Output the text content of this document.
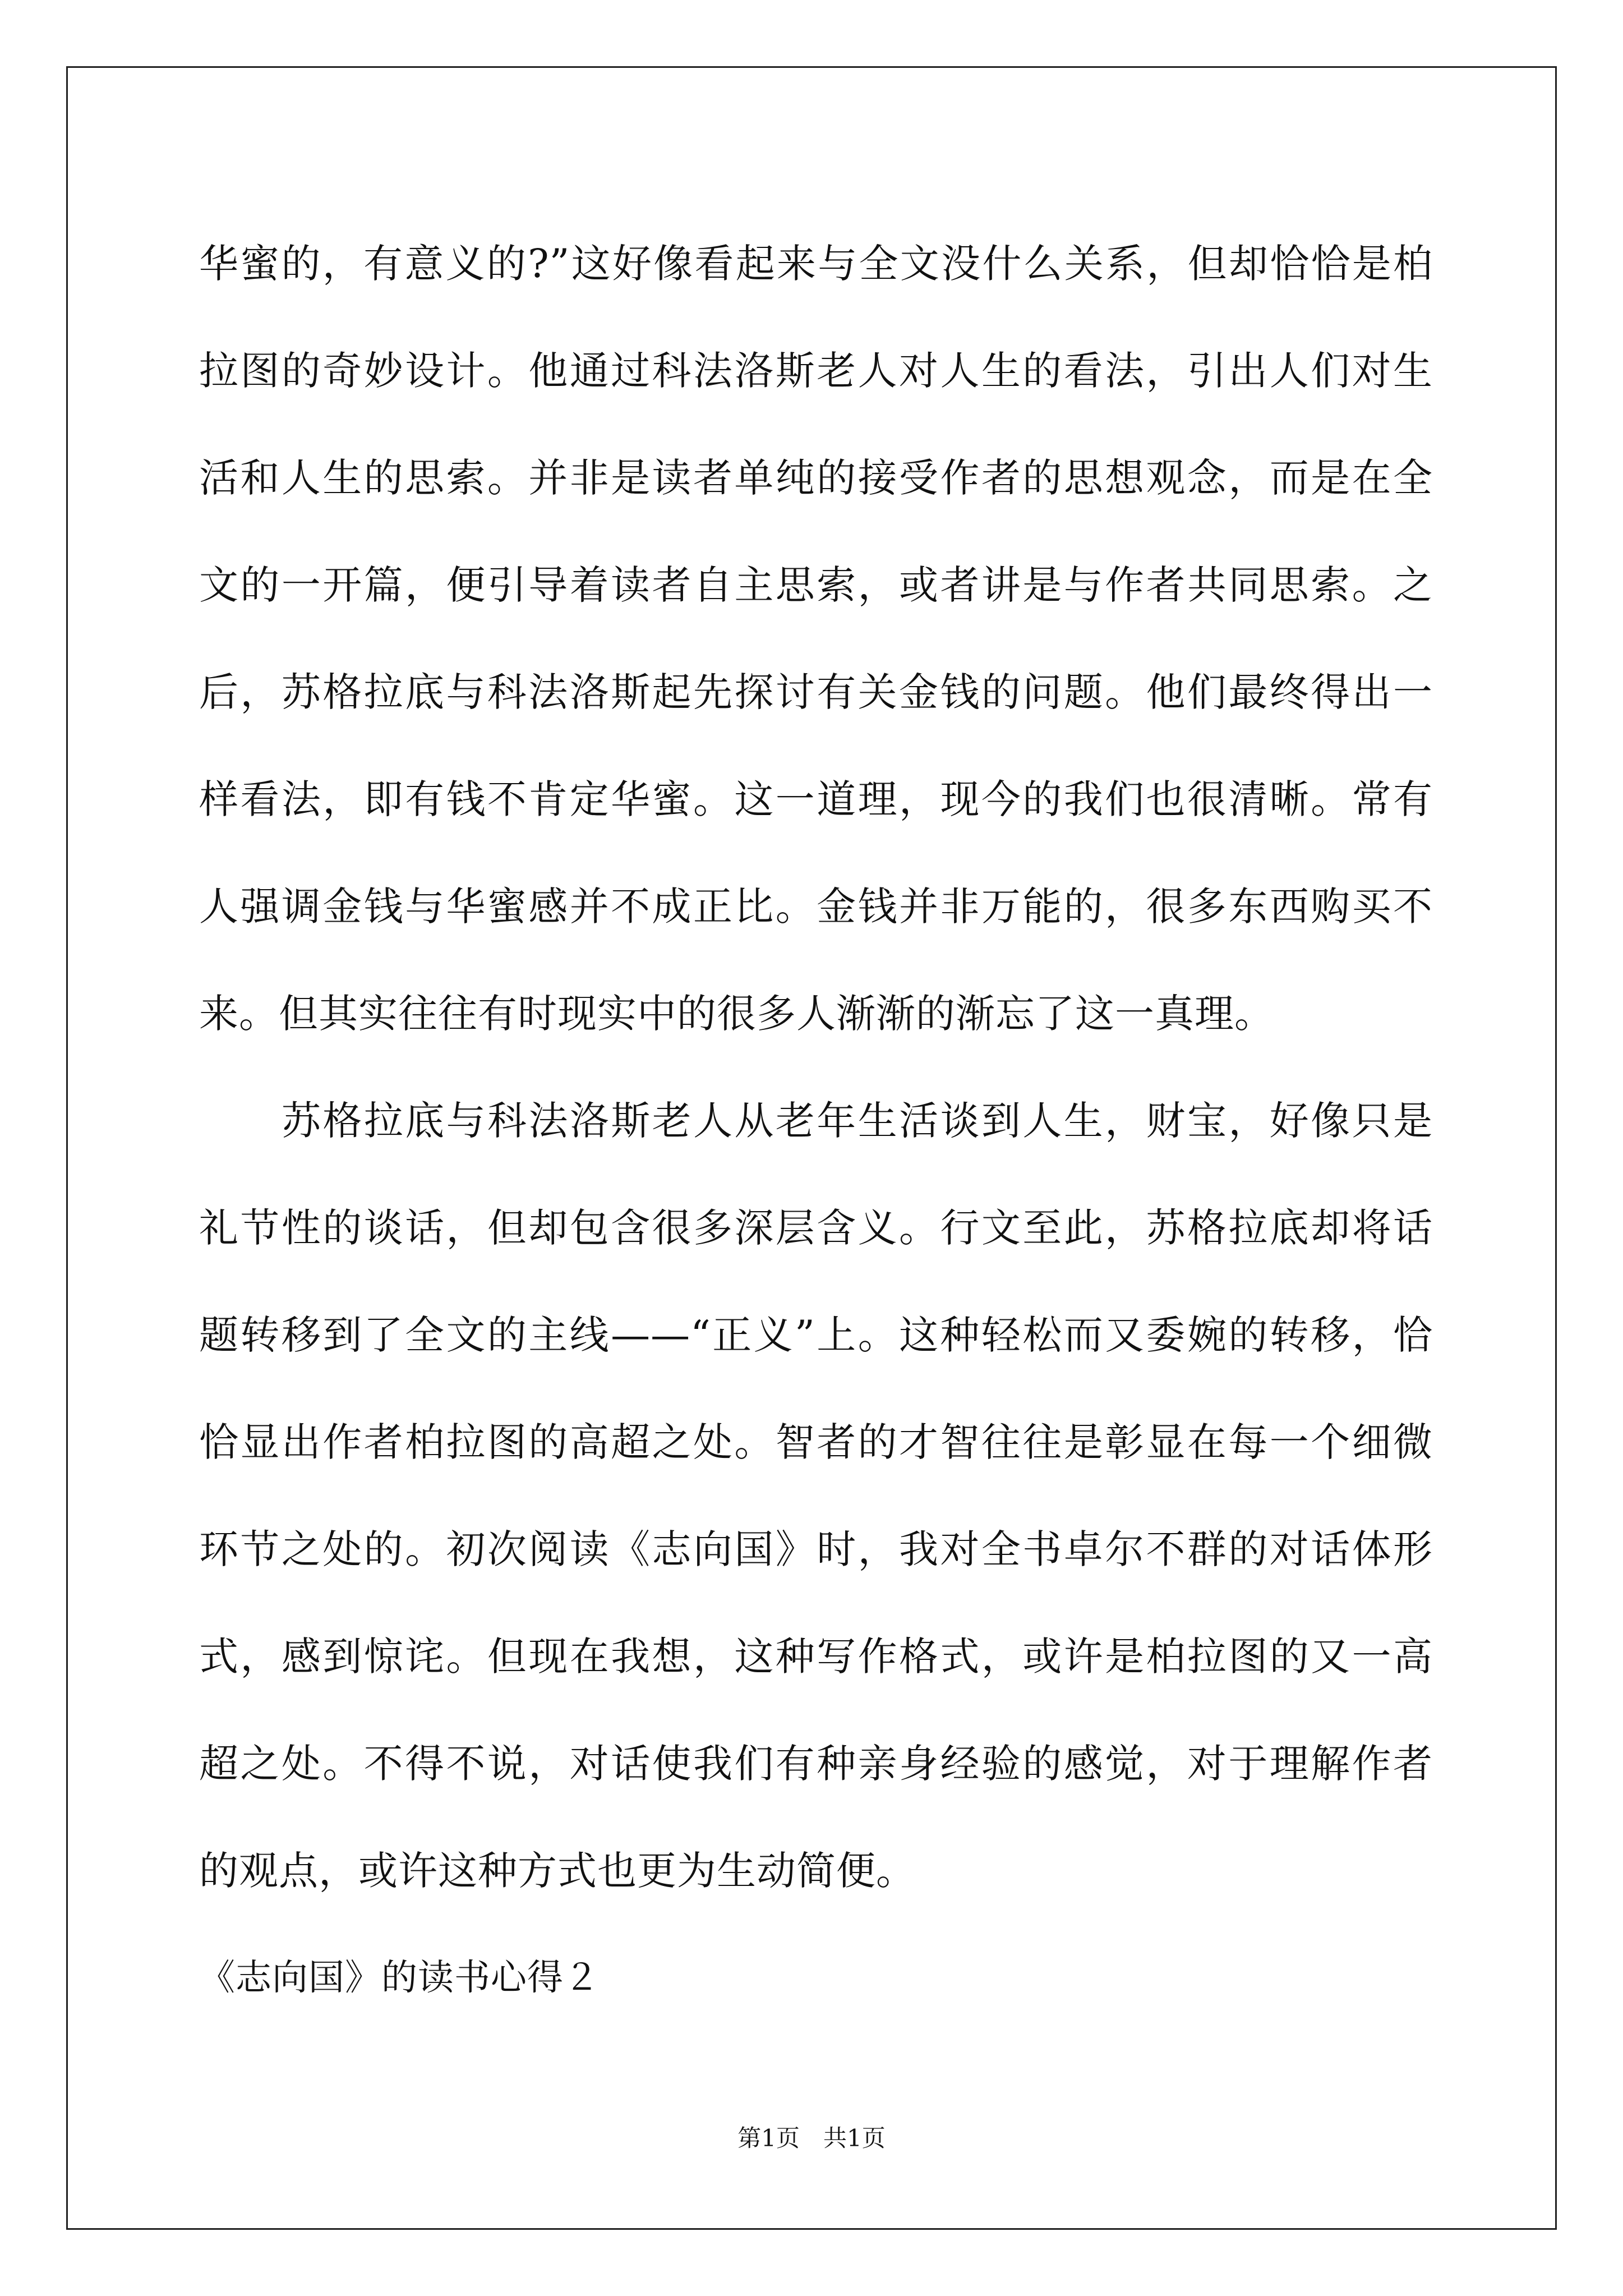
华蜜的，有意义的?”这好像看起来与全文没什么关系，但却恰恰是柏拉图的奇妙设计。他通过科法洛斯老人对人生的看法，引出人们对生活和人生的思索。并非是读者单纯的接受作者的思想观念，而是在全文的一开篇，便引导着读者自主思索，或者讲是与作者共同思索。之后，苏格拉底与科法洛斯起先探讨有关金钱的问题。他们最终得出一样看法，即有钱不肯定华蜜。这一道理，现今的我们也很清晰。常有人强调金钱与华蜜感并不成正比。金钱并非万能的，很多东西购买不来。但其实往往有时现实中的很多人渐渐的渐忘了这一真理。

苏格拉底与科法洛斯老人从老年生活谈到人生，财宝，好像只是礼节性的谈话，但却包含很多深层含义。行文至此，苏格拉底却将话题转移到了全文的主线——“正义”上。这种轻松而又委婉的转移，恰恰显出作者柏拉图的高超之处。智者的才智往往是彰显在每一个细微环节之处的。初次阅读《志向国》时，我对全书卓尔不群的对话体形式，感到惊诧。但现在我想，这种写作格式，或许是柏拉图的又一高超之处。不得不说，对话使我们有种亲身经验的感觉，对于理解作者的观点，或许这种方式也更为生动简便。

《志向国》的读书心得２

第1页　共1页
